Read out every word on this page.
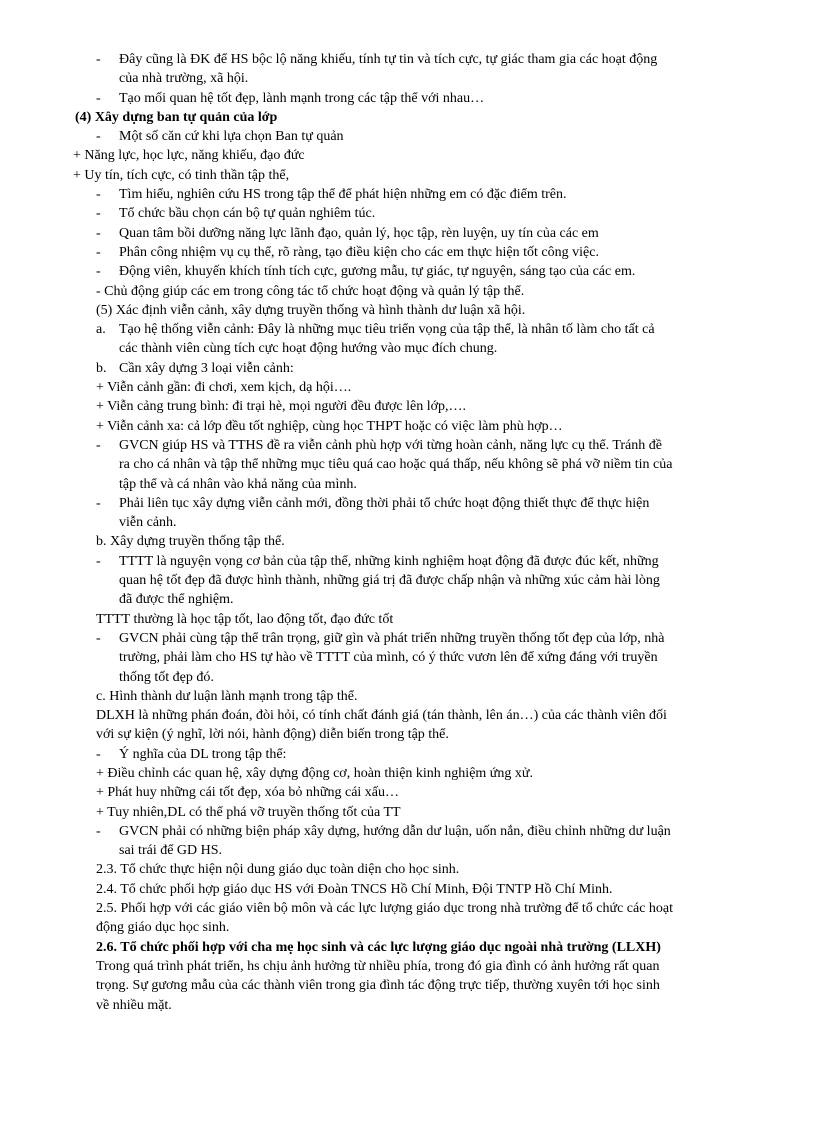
- Đây cũng là ĐK để HS bộc lộ năng khiếu, tính tự tin và tích cực, tự giác tham gia các hoạt động
của nhà trường, xã hội.
- Tạo mối quan hệ tốt đẹp, lành mạnh trong các tập thể với nhau…
(4) Xây dựng ban tự quản của lớp
- Một số căn cứ khi lựa chọn Ban tự quản
+ Năng lực, học lực, năng khiếu, đạo đức
+ Uy tín, tích cực, có tinh thần tập thể,
- Tìm hiểu, nghiên cứu HS trong tập thể để phát hiện những em có đặc điểm trên.
- Tổ chức bầu chọn cán bộ tự quản nghiêm túc.
- Quan tâm bồi dưỡng năng lực lãnh đạo, quản lý, học tập, rèn luyện, uy tín của các em
- Phân công nhiệm vụ cụ thể, rõ ràng, tạo điều kiện cho các em thực hiện tốt công việc.
- Động viên, khuyến khích tính tích cực, gương mẫu, tự giác, tự nguyện, sáng tạo của các em.
- Chủ động giúp các em trong công tác tổ chức hoạt động và quản lý tập thể.
(5) Xác định viễn cảnh, xây dựng truyền thống và hình thành dư luận xã hội.
a. Tạo hệ thống viễn cảnh: Đây là những mục tiêu triển vọng của tập thể, là nhân tố làm cho tất cả
các thành viên cùng tích cực hoạt động hướng vào mục đích chung.
b. Cần xây dựng 3 loại viễn cảnh:
+ Viễn cảnh gần: đi chơi, xem kịch, dạ hội….
+ Viễn cảng trung bình: đi trại hè, mọi người đều được lên lớp,….
+ Viễn cảnh xa: cả lớp đều tốt nghiệp, cùng học THPT hoặc có việc làm phù hợp…
- GVCN giúp HS và TTHS đề ra viễn cảnh phù hợp với từng hoàn cảnh, năng lực cụ thể. Tránh đề
ra cho cá nhân và tập thể những mục tiêu quá cao hoặc quá thấp, nếu không sẽ phá vỡ niềm tin của
tập thể và cá nhân vào khả năng của mình.
- Phải liên tục xây dựng viễn cảnh mới, đồng thời phải tổ chức hoạt động thiết thực để thực hiện
viễn cảnh.
b. Xây dựng truyền thống tập thể.
- TTTT là nguyện vọng cơ bản của tập thể, những kinh nghiệm hoạt động đã được đúc kết, những
quan hệ tốt đẹp đã được hình thành, những giá trị đã được chấp nhận và những xúc cảm hài lòng
đã được thể nghiệm.
TTTT thường là học tập tốt, lao động tốt, đạo đức tốt
- GVCN phải cùng tập thể trân trọng, giữ gìn và phát triển những truyền thống tốt đẹp của lớp, nhà
trường, phải làm cho HS tự hào về TTTT của mình, có ý thức vươn lên để xứng đáng với truyền
thống tốt đẹp đó.
c. Hình thành dư luận lành mạnh trong tập thể.
DLXH là những phán đoán, đòi hỏi, có tính chất đánh giá (tán thành, lên án…) của các thành viên đối
với sự kiện (ý nghĩ, lời nói, hành động) diễn biến trong tập thể.
- Ý nghĩa của DL trong tập thể:
+ Điều chỉnh các quan hệ, xây dựng động cơ, hoàn thiện kinh nghiệm ứng xử.
+ Phát huy những cái tốt đẹp, xóa bỏ những cái xấu…
+ Tuy nhiên,DL có thể phá vỡ truyền thống tốt của TT
- GVCN phải có những biện pháp xây dựng, hướng dẫn dư luận, uốn nắn, điều chỉnh những dư luận
sai trái để GD HS.
2.3. Tổ chức thực hiện nội dung giáo dục toàn diện cho học sinh.
2.4. Tổ chức phối hợp giáo dục HS với Đoàn TNCS Hồ Chí Minh, Đội TNTP Hồ Chí Minh.
2.5. Phối hợp với các giáo viên bộ môn và các lực lượng giáo dục trong nhà trường để tổ chức các hoạt
động giáo dục học sinh.
2.6. Tổ chức phối hợp với cha mẹ học sinh và các lực lượng giáo dục ngoài nhà trường (LLXH)
Trong quá trình phát triển, hs chịu ảnh hưởng từ nhiều phía, trong đó gia đình có ảnh hưởng rất quan
trọng. Sự gương mẫu của các thành viên trong gia đình tác động trực tiếp, thường xuyên tới học sinh
về nhiều mặt.
